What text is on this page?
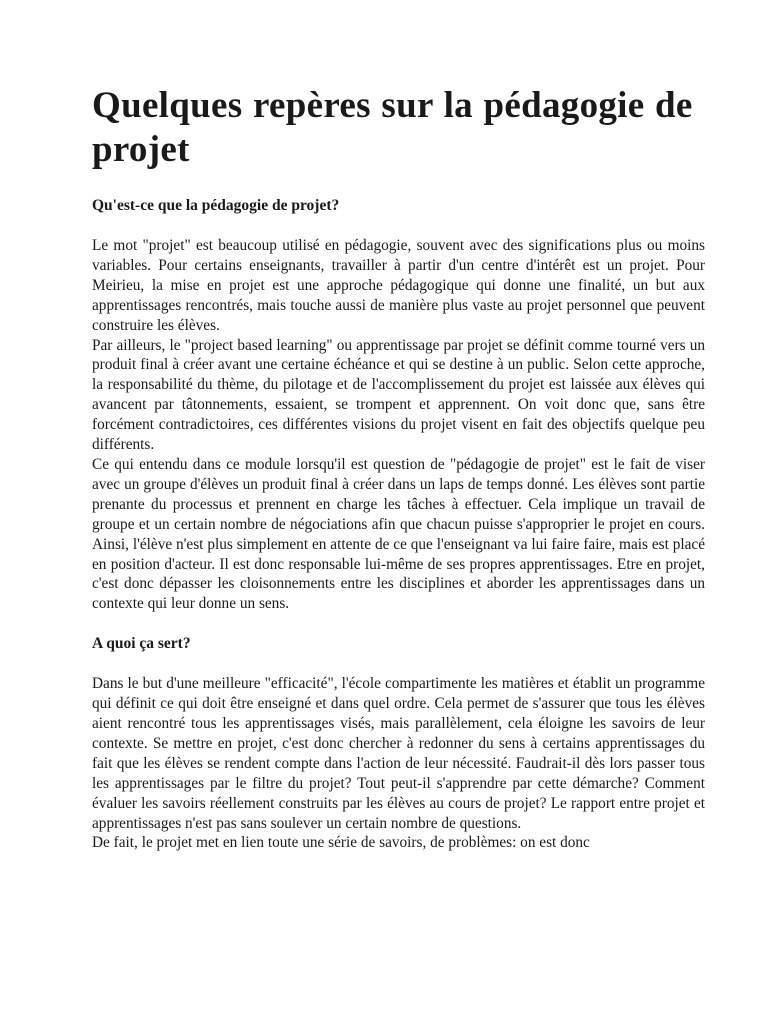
Quelques repères sur la pédagogie de projet
Qu'est-ce que la pédagogie de projet?

Le mot "projet" est beaucoup utilisé en pédagogie, souvent avec des significations plus ou moins variables. Pour certains enseignants, travailler à partir d'un centre d'intérêt est un projet. Pour Meirieu, la mise en projet est une approche pédagogique qui donne une finalité, un but aux apprentissages rencontrés, mais touche aussi de manière plus vaste au projet personnel que peuvent construire les élèves.

Par ailleurs, le "project based learning" ou apprentissage par projet se définit comme tourné vers un produit final à créer avant une certaine échéance et qui se destine à un public. Selon cette approche, la responsabilité du thème, du pilotage et de l'accomplissement du projet est laissée aux élèves qui avancent par tâtonnements, essaient, se trompent et apprennent. On voit donc que, sans être forcément contradictoires, ces différentes visions du projet visent en fait des objectifs quelque peu différents.

Ce qui entendu dans ce module lorsqu'il est question de "pédagogie de projet" est le fait de viser avec un groupe d'élèves un produit final à créer dans un laps de temps donné. Les élèves sont partie prenante du processus et prennent en charge les tâches à effectuer. Cela implique un travail de groupe et un certain nombre de négociations afin que chacun puisse s'approprier le projet en cours. Ainsi, l'élève n'est plus simplement en attente de ce que l'enseignant va lui faire faire, mais est placé en position d'acteur. Il est donc responsable lui-même de ses propres apprentissages. Etre en projet, c'est donc dépasser les cloisonnements entre les disciplines et aborder les apprentissages dans un contexte qui leur donne un sens.

A quoi ça sert?

Dans le but d'une meilleure "efficacité", l'école compartimente les matières et établit un programme qui définit ce qui doit être enseigné et dans quel ordre. Cela permet de s'assurer que tous les élèves aient rencontré tous les apprentissages visés, mais parallèlement, cela éloigne les savoirs de leur contexte. Se mettre en projet, c'est donc chercher à redonner du sens à certains apprentissages du fait que les élèves se rendent compte dans l'action de leur nécessité. Faudrait-il dès lors passer tous les apprentissages par le filtre du projet? Tout peut-il s'apprendre par cette démarche? Comment évaluer les savoirs réellement construits par les élèves au cours de projet? Le rapport entre projet et apprentissages n'est pas sans soulever un certain nombre de questions.

De fait, le projet met en lien toute une série de savoirs, de problèmes: on est donc
